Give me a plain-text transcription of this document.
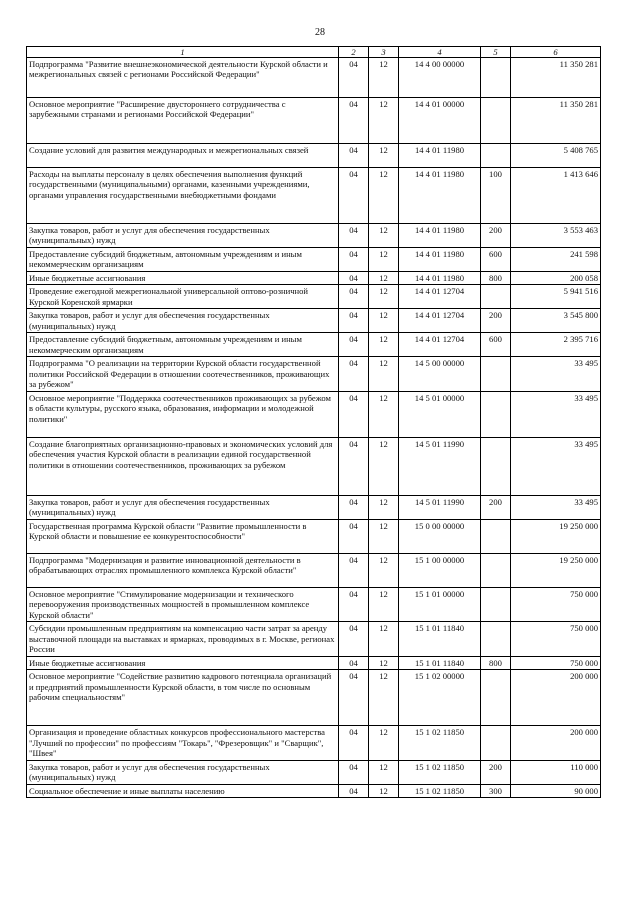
28
1	2	3	4	5	6
Подпрограмма "Развитие внешнеэкономической деятельности Курской области и межрегиональных связей с регионами Российской Федерации"	04	12	14 4 00 00000		11 350 281
Основное мероприятие "Расширение двустороннего сотрудничества с зарубежными странами и регионами Российской Федерации"	04	12	14 4 01 00000		11 350 281
Создание условий для развития международных и межрегиональных связей	04	12	14 4 01 11980		5 408 765
Расходы на выплаты персоналу в целях обеспечения выполнения функций государственными (муниципальными) органами, казенными учреждениями, органами управления государственными внебюджетными фондами	04	12	14 4 01 11980	100	1 413 646
Закупка товаров, работ и услуг для обеспечения государственных (муниципальных) нужд	04	12	14 4 01 11980	200	3 553 463
Предоставление субсидий бюджетным, автономным учреждениям и иным некоммерческим организациям	04	12	14 4 01 11980	600	241 598
Иные бюджетные ассигнования	04	12	14 4 01 11980	800	200 058
Проведение ежегодной межрегиональной универсальной оптово-розничной Курской Коренской ярмарки	04	12	14 4 01 12704		5 941 516
Закупка товаров, работ и услуг для обеспечения государственных (муниципальных) нужд	04	12	14 4 01 12704	200	3 545 800
Предоставление субсидий бюджетным, автономным учреждениям и иным некоммерческим организациям	04	12	14 4 01 12704	600	2 395 716
Подпрограмма "О реализации на территории Курской области государственной политики Российской Федерации в отношении соотечественников, проживающих за рубежом"	04	12	14 5 00 00000		33 495
Основное мероприятие "Поддержка соотечественников проживающих за рубежом в области культуры, русского языка, образования, информации и молодежной политики"	04	12	14 5 01 00000		33 495
Создание благоприятных организационно-правовых и экономических условий для обеспечения участия Курской области в реализации единой государственной политики в отношении соотечественников, проживающих за рубежом	04	12	14 5 01 11990		33 495
Закупка товаров, работ и услуг для обеспечения государственных (муниципальных) нужд	04	12	14 5 01 11990	200	33 495
Государственная программа Курской области "Развитие промышленности в Курской области и повышение ее конкурентоспособности"	04	12	15 0 00 00000		19 250 000
Подпрограмма "Модернизация и развитие инновационной деятельности в обрабатывающих отраслях промышленного комплекса Курской области"	04	12	15 1 00 00000		19 250 000
Основное мероприятие "Стимулирование модернизации и технического перевооружения производственных мощностей в промышленном комплексе Курской области"	04	12	15 1 01 00000		750 000
Субсидии промышленным предприятиям на компенсацию части затрат за аренду выставочной площади на выставках и ярмарках, проводимых в г. Москве, регионах России	04	12	15 1 01 11840		750 000
Иные бюджетные ассигнования	04	12	15 1 01 11840	800	750 000
Основное мероприятие "Содействие развитию кадрового потенциала организаций и предприятий промышленности Курской области, в том числе по основным рабочим специальностям"	04	12	15 1 02 00000		200 000
Организация и проведение областных конкурсов профессионального мастерства "Лучший по профессии" по профессиям "Токарь", "Фрезеровщик" и "Сварщик", "Швея"	04	12	15 1 02 11850		200 000
Закупка товаров, работ и услуг для обеспечения государственных (муниципальных) нужд	04	12	15 1 02 11850	200	110 000
Социальное обеспечение и иные выплаты населению	04	12	15 1 02 11850	300	90 000
